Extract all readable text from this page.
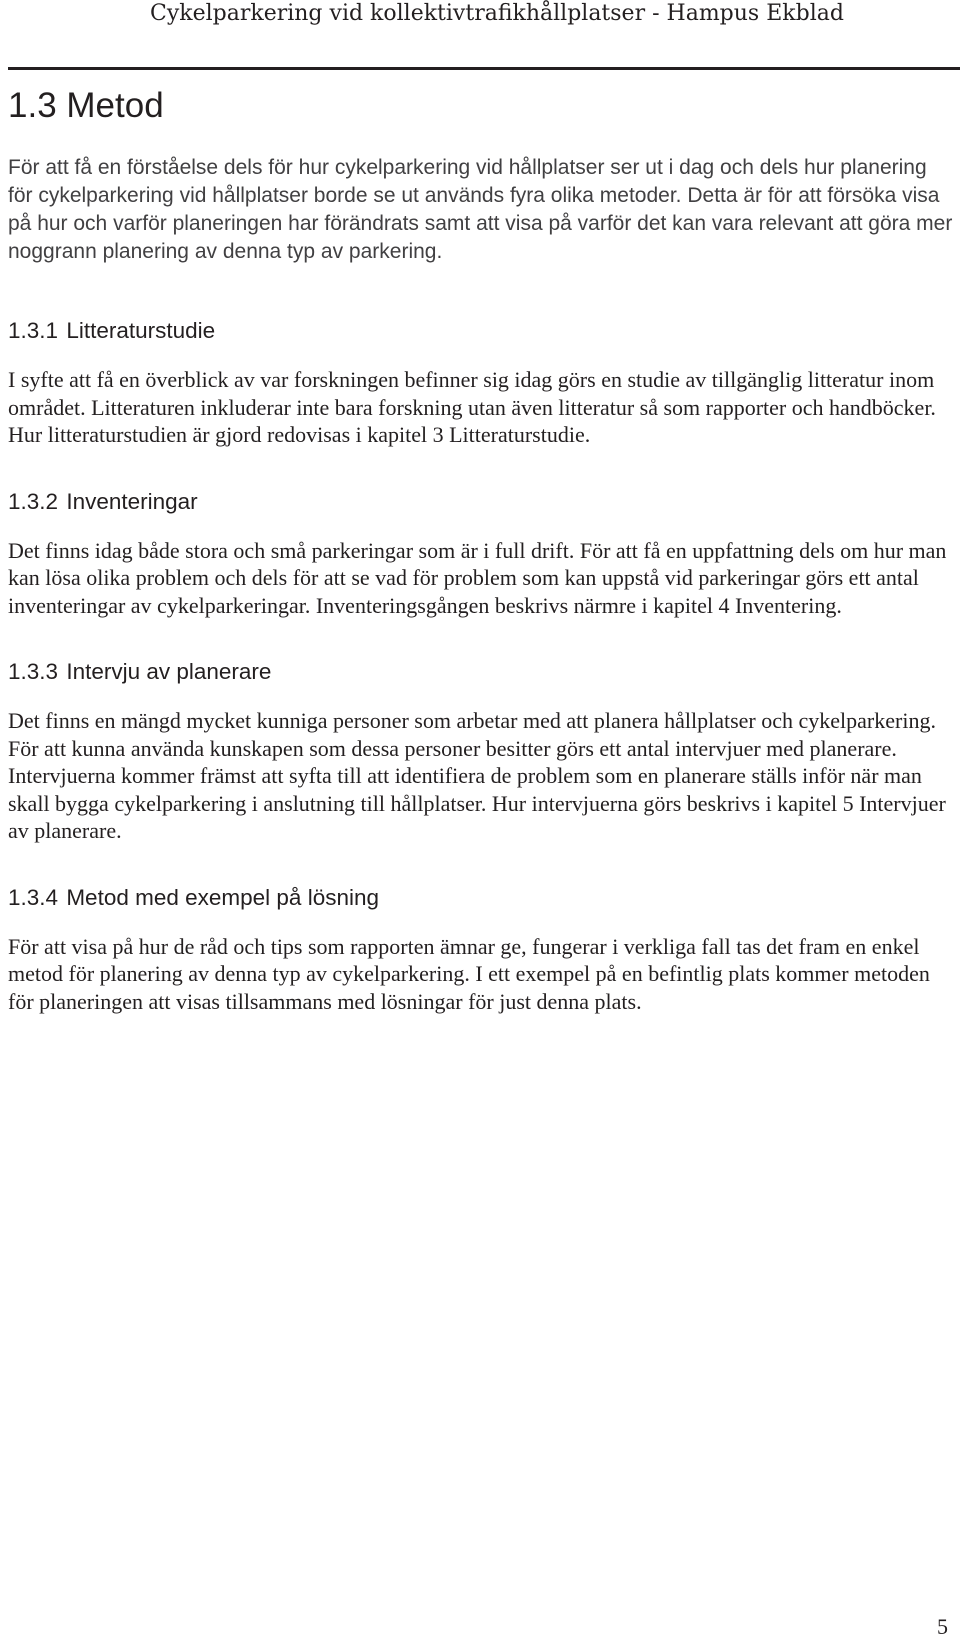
Cykelparkering vid kollektivtrafikhållplatser - Hampus Ekblad
1.3 Metod

För att få en förståelse dels för hur cykelparkering vid hållplatser ser ut i dag och dels hur planering för cykelparkering vid hållplatser borde se ut används fyra olika metoder. Detta är för att försöka visa på hur och varför planeringen har förändrats samt att visa på varför det kan vara relevant att göra mer noggrann planering av denna typ av parkering.

1.3.1 Litteraturstudie

I syfte att få en överblick av var forskningen befinner sig idag görs en studie av tillgänglig litteratur inom området. Litteraturen inkluderar inte bara forskning utan även litteratur så som rapporter och handböcker. Hur litteraturstudien är gjord redovisas i kapitel 3 Litteraturstudie.

1.3.2 Inventeringar

Det finns idag både stora och små parkeringar som är i full drift. För att få en uppfattning dels om hur man kan lösa olika problem och dels för att se vad för problem som kan uppstå vid parkeringar görs ett antal inventeringar av cykelparkeringar. Inventeringsgången beskrivs närmre i kapitel 4 Inventering.

1.3.3 Intervju av planerare

Det finns en mängd mycket kunniga personer som arbetar med att planera hållplatser och cykelparkering. För att kunna använda kunskapen som dessa personer besitter görs ett antal intervjuer med planerare. Intervjuerna kommer främst att syfta till att identifiera de problem som en planerare ställs inför när man skall bygga cykelparkering i anslutning till hållplatser. Hur intervjuerna görs beskrivs i kapitel 5 Intervjuer av planerare.

1.3.4 Metod med exempel på lösning

För att visa på hur de råd och tips som rapporten ämnar ge, fungerar i verkliga fall tas det fram en enkel metod för planering av denna typ av cykelparkering. I ett exempel på en befintlig plats kommer metoden för planeringen att visas tillsammans med lösningar för just denna plats.

5
